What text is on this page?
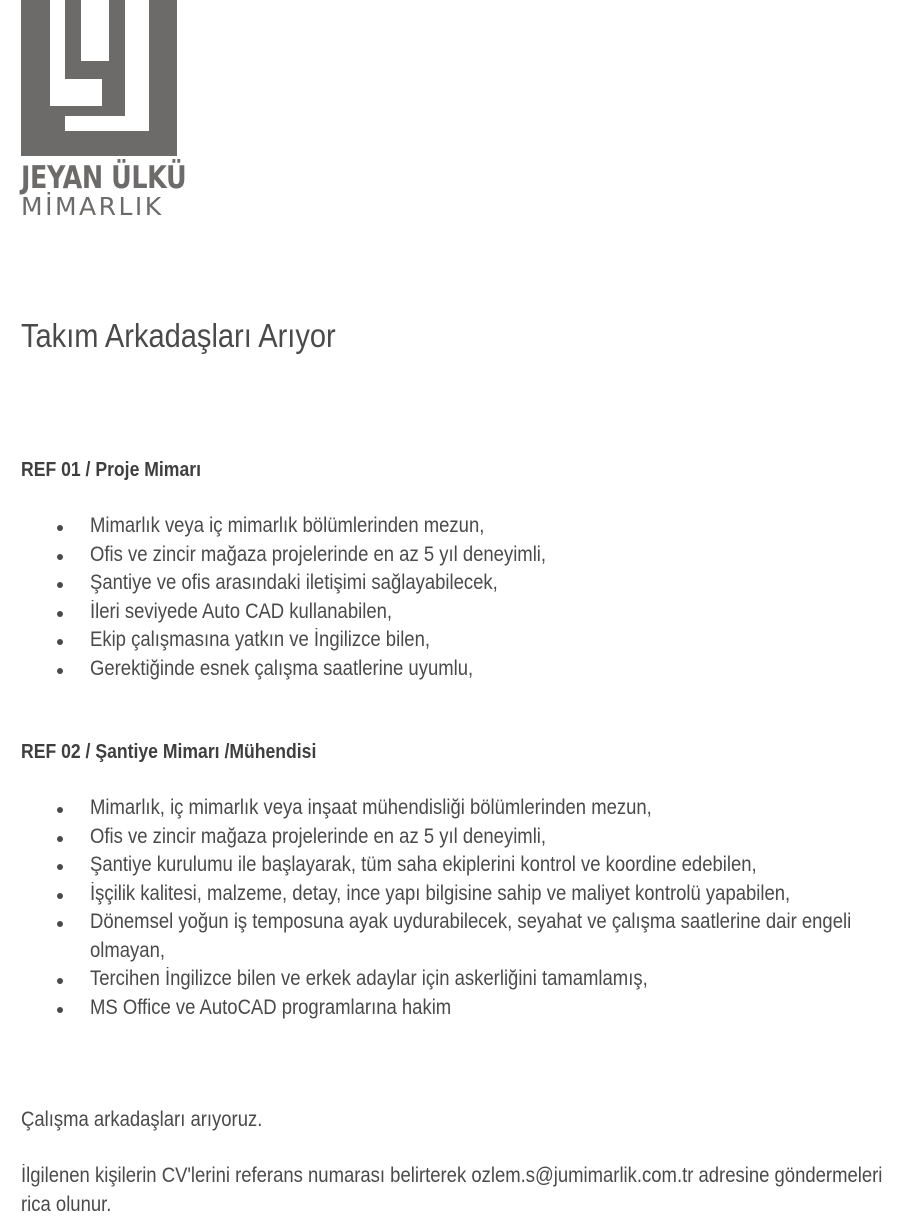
JEYAN ÜLKÜ
MİMARLIK
Takım Arkadaşları Arıyor
REF 01 / Proje Mimarı
Mimarlık veya iç mimarlık bölümlerinden mezun,
Ofis ve zincir mağaza projelerinde en az 5 yıl deneyimli,
Şantiye ve ofis arasındaki iletişimi sağlayabilecek,
İleri seviyede Auto CAD kullanabilen,
Ekip çalışmasına yatkın ve İngilizce bilen,
Gerektiğinde esnek çalışma saatlerine uyumlu,
REF 02 / Şantiye Mimarı /Mühendisi
Mimarlık, iç mimarlık veya inşaat mühendisliği bölümlerinden mezun,
Ofis ve zincir mağaza projelerinde en az 5 yıl deneyimli,
Şantiye kurulumu ile başlayarak, tüm saha ekiplerini kontrol ve koordine edebilen,
İşçilik kalitesi, malzeme, detay, ince yapı bilgisine sahip ve maliyet kontrolü yapabilen,
Dönemsel yoğun iş temposuna ayak uydurabilecek, seyahat ve çalışma saatlerine dair engeli olmayan,
Tercihen İngilizce bilen ve erkek adaylar için askerliğini tamamlamış,
MS Office ve AutoCAD programlarına hakim

Çalışma arkadaşları arıyoruz.

İlgilenen kişilerin CV'lerini referans numarası belirterek ozlem.s@jumimarlik.com.tr adresine göndermeleri rica olunur.
